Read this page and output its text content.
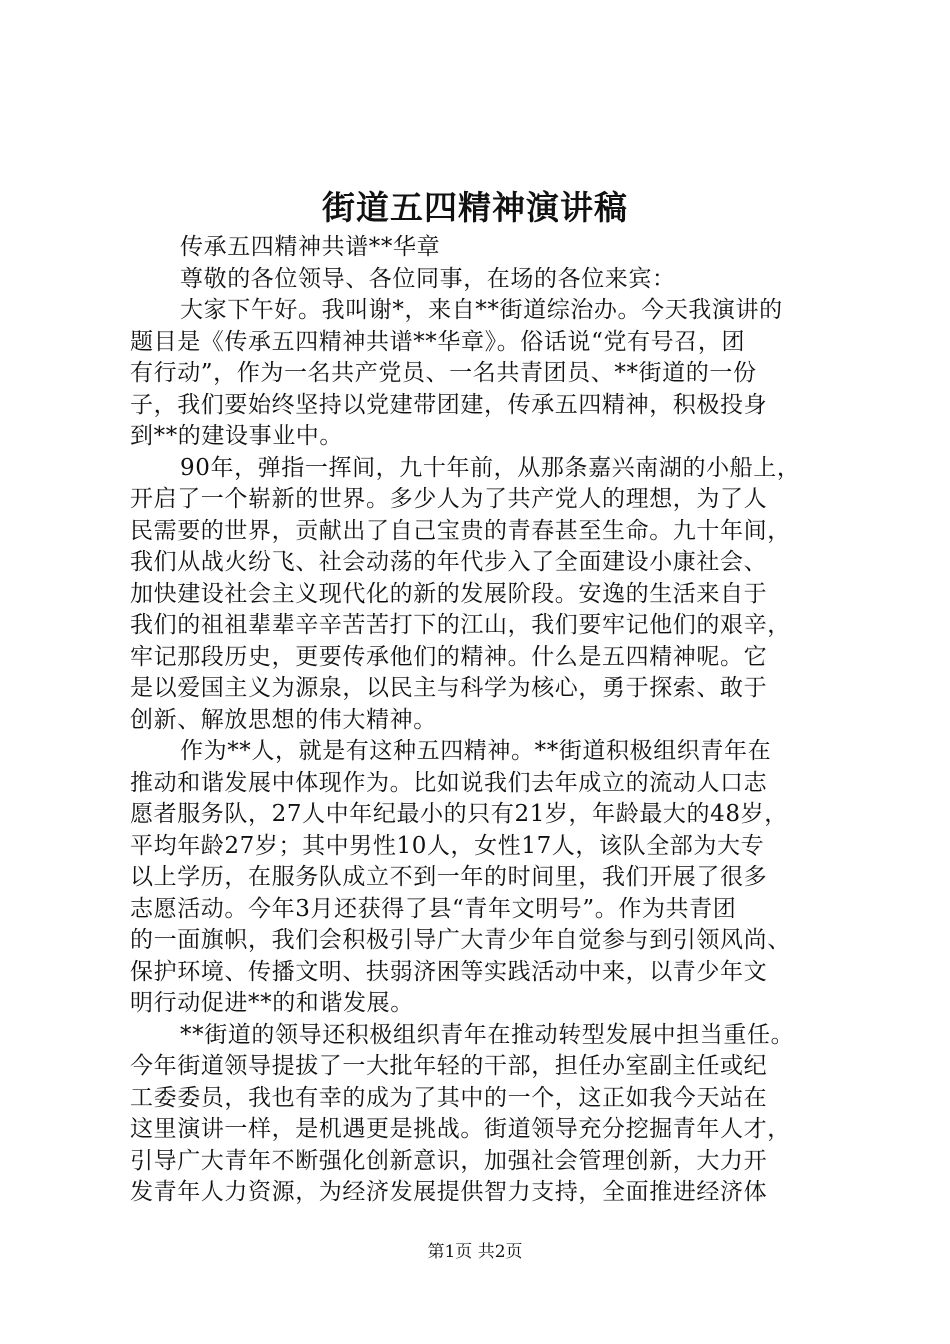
街道五四精神演讲稿
传承五四精神共谱**华章
尊敬的各位领导、各位同事，在场的各位来宾：
大家下午好。我叫谢*，来自**街道综治办。今天我演讲的
题目是《传承五四精神共谱**华章》。俗话说“党有号召，团
有行动”，作为一名共产党员、一名共青团员、**街道的一份
子，我们要始终坚持以党建带团建，传承五四精神，积极投身
到**的建设事业中。
90年，弹指一挥间，九十年前，从那条嘉兴南湖的小船上，
开启了一个崭新的世界。多少人为了共产党人的理想，为了人
民需要的世界，贡献出了自己宝贵的青春甚至生命。九十年间，
我们从战火纷飞、社会动荡的年代步入了全面建设小康社会、
加快建设社会主义现代化的新的发展阶段。安逸的生活来自于
我们的祖祖辈辈辛辛苦苦打下的江山，我们要牢记他们的艰辛，
牢记那段历史，更要传承他们的精神。什么是五四精神呢。它
是以爱国主义为源泉，以民主与科学为核心，勇于探索、敢于
创新、解放思想的伟大精神。
作为**人，就是有这种五四精神。**街道积极组织青年在
推动和谐发展中体现作为。比如说我们去年成立的流动人口志
愿者服务队，27人中年纪最小的只有21岁，年龄最大的48岁，
平均年龄27岁；其中男性10人，女性17人，该队全部为大专
以上学历，在服务队成立不到一年的时间里，我们开展了很多
志愿活动。今年3月还获得了县“青年文明号”。作为共青团
的一面旗帜，我们会积极引导广大青少年自觉参与到引领风尚、
保护环境、传播文明、扶弱济困等实践活动中来，以青少年文
明行动促进**的和谐发展。
**街道的领导还积极组织青年在推动转型发展中担当重任。
今年街道领导提拔了一大批年轻的干部，担任办室副主任或纪
工委委员，我也有幸的成为了其中的一个，这正如我今天站在
这里演讲一样，是机遇更是挑战。街道领导充分挖掘青年人才，
引导广大青年不断强化创新意识，加强社会管理创新，大力开
发青年人力资源，为经济发展提供智力支持，全面推进经济体
第1页 共2页
